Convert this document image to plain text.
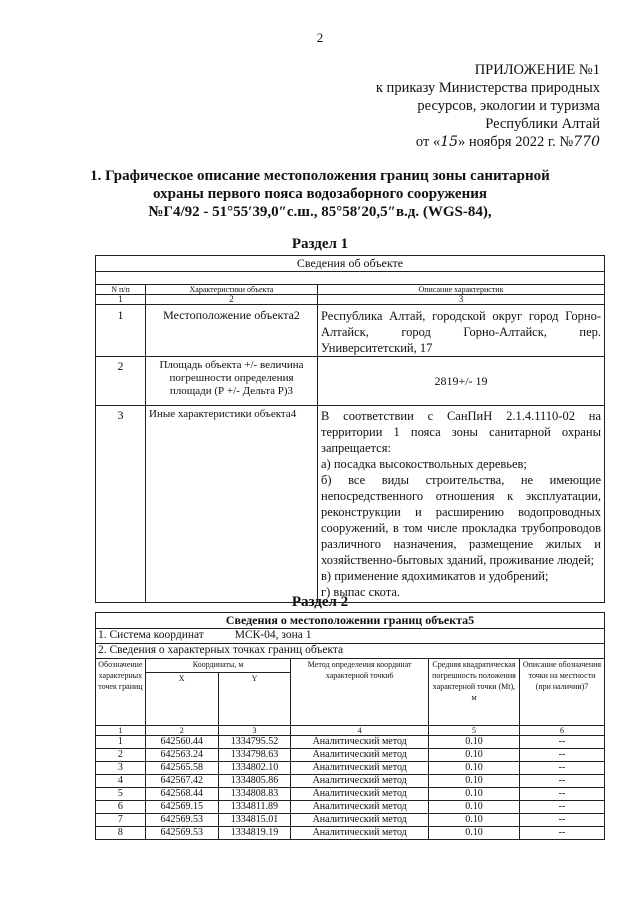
2
ПРИЛОЖЕНИЕ №1
к приказу Министерства природных
ресурсов, экологии и туризма
Республики Алтай
от «15» ноября 2022 г. №770
1. Графическое описание местоположения границ зоны санитарной
охраны первого пояса водозаборного сооружения
№Г4/92 - 51°55′39,0″с.ш., 85°58′20,5″в.д. (WGS-84),
Раздел 1
Сведения об объекте		

N п/п	Характеристики объекта	Описание характеристик
1	2	3
1	Местоположение объекта2	Республика Алтай, городской округ город Горно-Алтайск, город Горно-Алтайск, пер. Университетский, 17
2	Площадь объекта +/- величина погрешности определения площади (Р +/- Дельта Р)3	2819+/- 19
3	Иные характеристики объекта4	В соответствии с СанПиН 2.1.4.1110-02 на территории 1 пояса зоны санитарной охраны запрещается:
а) посадка высокоствольных деревьев;
б) все виды строительства, не имеющие непосредственного отношения к эксплуатации, реконструкции и расширению водопроводных сооружений, в том числе прокладка трубопроводов различного назначения, размещение жилых и хозяйственно-бытовых зданий, проживание людей;
в) применение ядохимикатов и удобрений;
г) выпас скота.
Раздел 2
Сведения о местоположении границ объекта5					
1. Система координат МСК-04, зона 1					
2. Сведения о характерных точках границ объекта					
Обозначение характерных точек границ	Координаты, м		Метод определения координат характерной точки6	Средняя квадратическая погрешность положения характерной точки (Mt), м	Описание обозначения точки на местности (при наличии)7
	X	Y			
1	2	3	4	5	6
1	642560.44	1334795.52	Аналитический метод	0.10	--
2	642563.24	1334798.63	Аналитический метод	0.10	--
3	642565.58	1334802.10	Аналитический метод	0.10	--
4	642567.42	1334805.86	Аналитический метод	0.10	--
5	642568.44	1334808.83	Аналитический метод	0.10	--
6	642569.15	1334811.89	Аналитический метод	0.10	--
7	642569.53	1334815.01	Аналитический метод	0.10	--
8	642569.53	1334819.19	Аналитический метод	0.10	--
